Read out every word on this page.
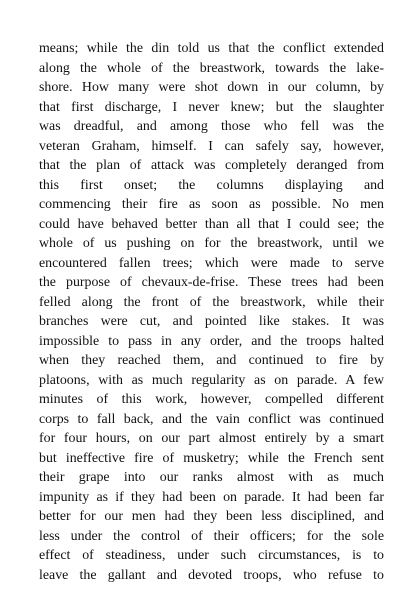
means; while the din told us that the conflict extended
along the whole of the breastwork, towards the lake-
shore. How many were shot down in our column, by
that first discharge, I never knew; but the slaughter
was dreadful, and among those who fell was the
veteran Graham, himself. I can safely say, however,
that the plan of attack was completely deranged from
this first onset; the columns displaying and
commencing their fire as soon as possible. No men
could have behaved better than all that I could see; the
whole of us pushing on for the breastwork, until we
encountered fallen trees; which were made to serve
the purpose of chevaux-de-frise. These trees had been
felled along the front of the breastwork, while their
branches were cut, and pointed like stakes. It was
impossible to pass in any order, and the troops halted
when they reached them, and continued to fire by
platoons, with as much regularity as on parade. A few
minutes of this work, however, compelled different
corps to fall back, and the vain conflict was continued
for four hours, on our part almost entirely by a smart
but ineffective fire of musketry; while the French sent
their grape into our ranks almost with as much
impunity as if they had been on parade. It had been far
better for our men had they been less disciplined, and
less under the control of their officers; for the sole
effect of steadiness, under such circumstances, is to
leave the gallant and devoted troops, who refuse to
